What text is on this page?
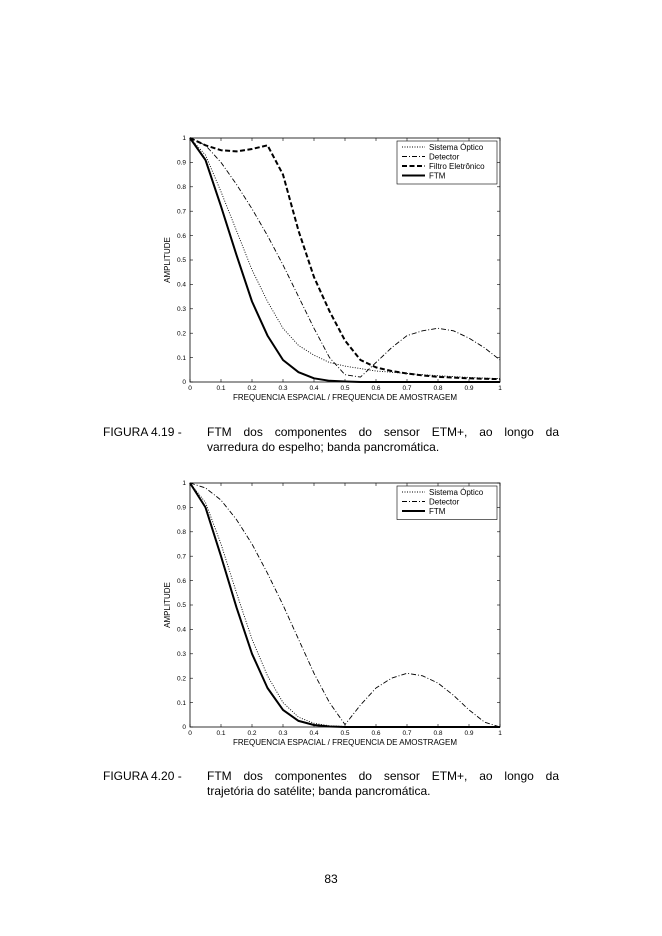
0	0.1	0.2	0.3	0.4	0.5	0.6	0.7	0.8	0.9	1
0
0.1
0.2
0.3
0.4
0.5
0.6
0.7
0.8
0.9
1
Sistema Óptico
Detector
Filtro Eletrônico
FTM
FREQUENCIA ESPACIAL / FREQUENCIA DE AMOSTRAGEM
AMPLITUDE
FIGURA 4.19 -	FTM dos componentes do sensor ETM+, ao longo da
varredura do espelho; banda pancromática.
0	0.1	0.2	0.3	0.4	0.5	0.6	0.7	0.8	0.9	1
0
0.1
0.2
0.3
0.4
0.5
0.6
0.7
0.8
0.9
1
Sistema Óptico
Detector
FTM
FREQUENCIA ESPACIAL / FREQUENCIA DE AMOSTRAGEM
AMPLITUDE
FIGURA 4.20 -	FTM dos componentes do sensor ETM+, ao longo da
trajetória do satélite; banda pancromática.
83
